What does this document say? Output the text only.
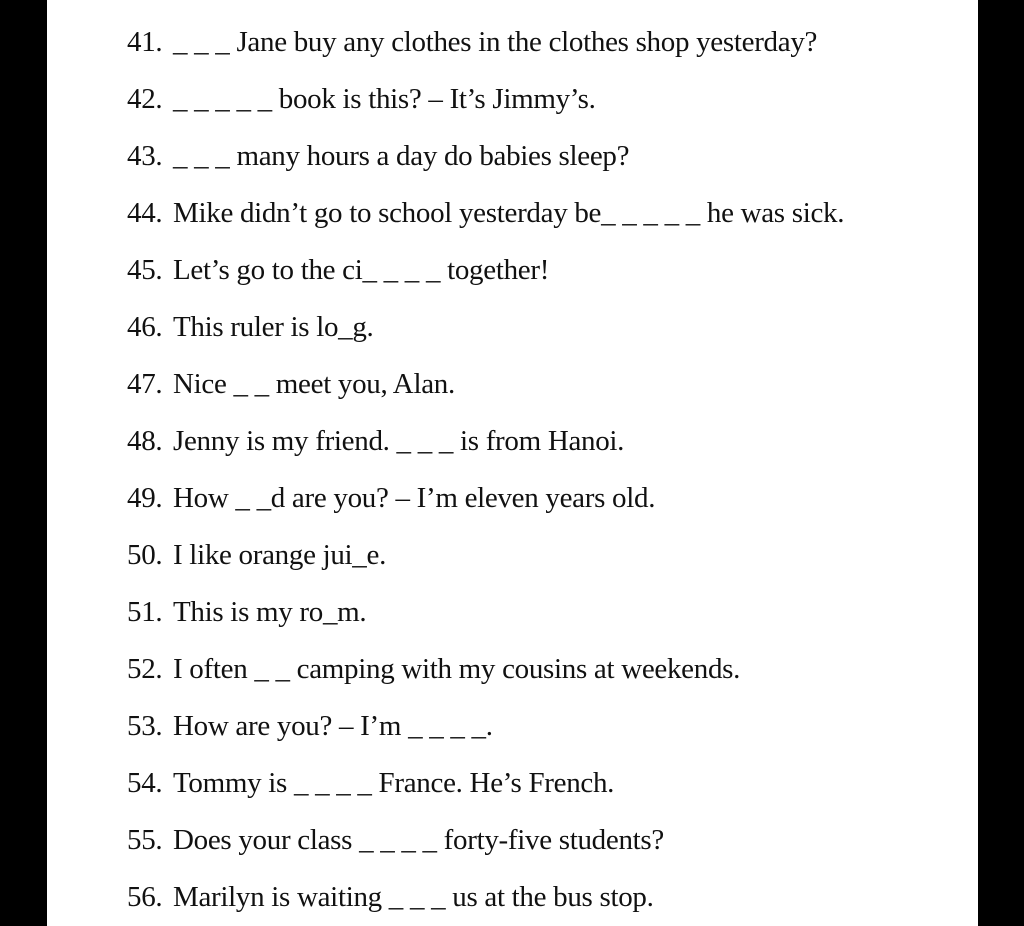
41. _ _ _ Jane buy any clothes in the clothes shop yesterday?
42. _ _ _ _ _ book is this? – It’s Jimmy’s.
43. _ _ _ many hours a day do babies sleep?
44. Mike didn’t go to school yesterday be_ _ _ _ _ he was sick.
45. Let’s go to the ci_ _ _ _ together!
46. This ruler is lo_g.
47. Nice _ _ meet you, Alan.
48. Jenny is my friend. _ _ _ is from Hanoi.
49. How _ _d are you? – I’m eleven years old.
50. I like orange jui_e.
51. This is my ro_m.
52. I often _ _ camping with my cousins at weekends.
53. How are you? – I’m _ _ _ _.
54. Tommy is _ _ _ _ France. He’s French.
55. Does your class _ _ _ _ forty-five students?
56. Marilyn is waiting _ _ _ us at the bus stop.
